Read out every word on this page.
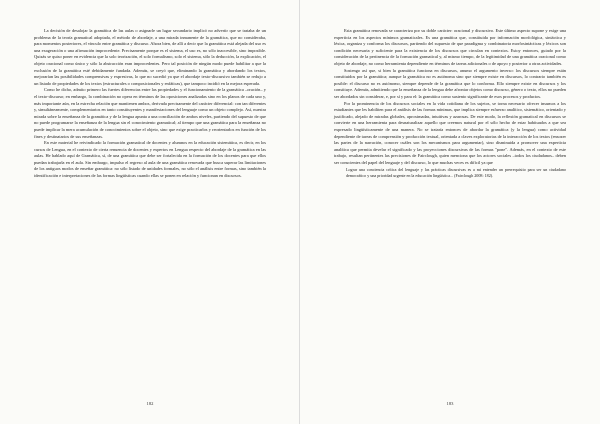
La decisión de desalojar la gramática de las aulas o asignarle un lugar secundario implicó no advertir que se trataba de un problema de la teoría gramatical adoptada, el método de abordaje, a una mirada inmanente de la gramática, que no consideraba, para momentos posteriores, el vínculo entre gramática y discurso. Ahora bien, de allí a decir que la gramática está alejada del uso es una exageración o una afirmación improcedente. Precisamente porque es el sistema, el uso es, no sólo inaccesible, sino imposible. Quizás se quiso poner en evidencia que la solo teorización, el solo formalismo, solo el sistema, sólo la deducción, la explicación, el objeto oracional como único y sólo la abstracción eran improcedentes. Pero tal posición de ningún modo puede habilitar a que la exclusión de la gramática esté debidamente fundada. Además, se creyó que, eliminando la gramática y abordando los textos, mejorarían las posibilidades comprensivas y expresivas, lo que no sucedió ya que el abordaje texto-discursivo también se redujo a un listado de propiedades de los textos (estructurales o composicionales y enfáticas), que tampoco incidió en la mejora esperada.

Como he dicho, admito primero las fuertes diferencias entre las propiedades y el funcionamiento de la gramática –oración– y el texto-discurso; en embargo, la combinación no opera en términos de las oposiciones analizadas sino en los planos de cada uno y, más importante aún, en la estrecha relación que mantienen ambos, derivada precisamente del carácter diferencial: con tan diferentes y, simultáneamente, complementarios en tanto constituyentes y manifestaciones del lenguaje como un objeto complejo. Así, nuestra mirada sobre la enseñanza de la gramática y de la lengua apunta a una conciliación de ambos niveles, partiendo del supuesto de que no puede programarse la enseñanza de la lengua sin el conocimiento gramatical; al tiempo que una gramática para la enseñanza no puede implicar la mera acumulación de conocimientos sobre el objeto, sino que exige practicarlos y reorientarlos en función de los fines y destinatarios de sus enseñanzas.

En este material he reivindicado la formación gramatical de docentes y alumnos en la educación sistemática, es decir, en los cursos de Lengua, en el contexto de cierta renuencia de docentes y expertos en Lengua respecto del abordaje de la gramática en las aulas. He hablado aquí de Gramática, sí, de una gramática que debe ser fortalecida en la formación de los docentes para que ellos puedan trabajarla en el aula. Sin embargo, impulso el regreso al aula de una gramática renovada que busca superar las limitaciones de los antiguos modos de enseñar gramática: no sólo listado de unidades formales, no sólo el análisis entre formas, sino también la identificación e interpretaciones de las formas lingüísticas cuando ellas se ponen en relación y funcionan en discursos.

182

Esta gramática renovada se caracteriza por su doble carácter: oracional y discursivo. Este último aspecto supone y exige una experticia en los aspectos mínimos gramaticales. Es una gramática que, constituida por información morfológica, sintáctica y léxica, organiza y conforma los discursos, partiendo del supuesto de que paradigma y combinatoria morfosintácticas y léxicos son condición necesaria y suficiente para la existencia de los discursos que circulan en contextos. Estoy entonces, guiado por la consideración de la pertinencia de la formación gramatical y, al mismo tiempo, de la legitimidad de una gramática oracional como objeto de abordaje, no como herramienta dependiente en términos de tareas adicionales o de apoyo y posterior a otras actividades.

Sostengo así que, si bien la gramática funciona en discursos, anumo el argumento inverso: los discursos siempre están constituidos por la gramática; aunque la gramática no es autónoma sino que siempre existe en discursos, lo contrario también es posible: el discurso no es autónomo, siempre depende de la gramática que lo conforma. Ello siempre existe en discursos y los constituye. Además, admitiendo que la enseñanza de la lengua debe afrontar objetos como discurso, género o texto, ellos no pueden ser abordados sin considerar, e, por sí y para el: la gramática como sustento significante de esos procesos y productos.

Por la prominencia de los discursos sociales en la vida cotidiana de los sujetos, se torna necesario ofrecer insumos a los estudiantes que les habiliten para el análisis de las formas mínimas, que implica siempre esfuerzo analítico, sistemático, orientado y justificado, alejado de miradas globales, aproximadas, intuitivas y azarosas. De este modo, la reflexión gramatical en discursos se convierte en una herramienta para desnaturalizar aquello que creemos natural por el sólo hecho de estar habituados a que sea expresado lingüísticamente de una manera. No se trataría entonces de abordar la gramática (y la lengua) como actividad dependiente de tareas de comprensión y producción textual, orientada a claves exploratorias de la interacción de los textos (ensozer las partes de la narración, conocer cuáles son los mecanismos para argumentar), sino disminuida a promover una experticia analítica que permita develar el significado y las proyecciones discursivas de las formas "pone". Además, en el contexto de este trabajo, resultan pertinentes las precisiones de Fairclough, quien menciona que los actores sociales –todos los ciudadanos– deben ser conscientes del papel del lenguaje y del discurso, lo que muchas veces es difícil ya que

Lograr una conciencia crítica del lenguaje y las prácticas discursivas es a mi entender un prerrequisito para ser un ciudadano democrático y una prioridad urgente en la educación lingüística... (Fairclough 2008: 182).
183
